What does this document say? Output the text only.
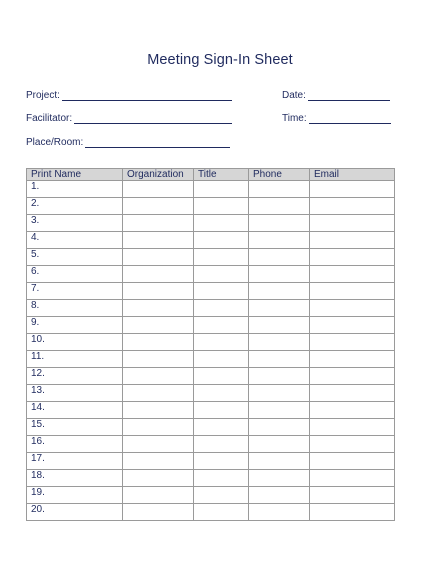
Meeting Sign-In Sheet
Project:
Facilitator:
Place/Room:
Date:
Time:
Print Name	Organization	Title	Phone	Email
1.				
2.				
3.				
4.				
5.				
6.				
7.				
8.				
9.				
10.				
11.				
12.				
13.				
14.				
15.				
16.				
17.				
18.				
19.				
20.				
